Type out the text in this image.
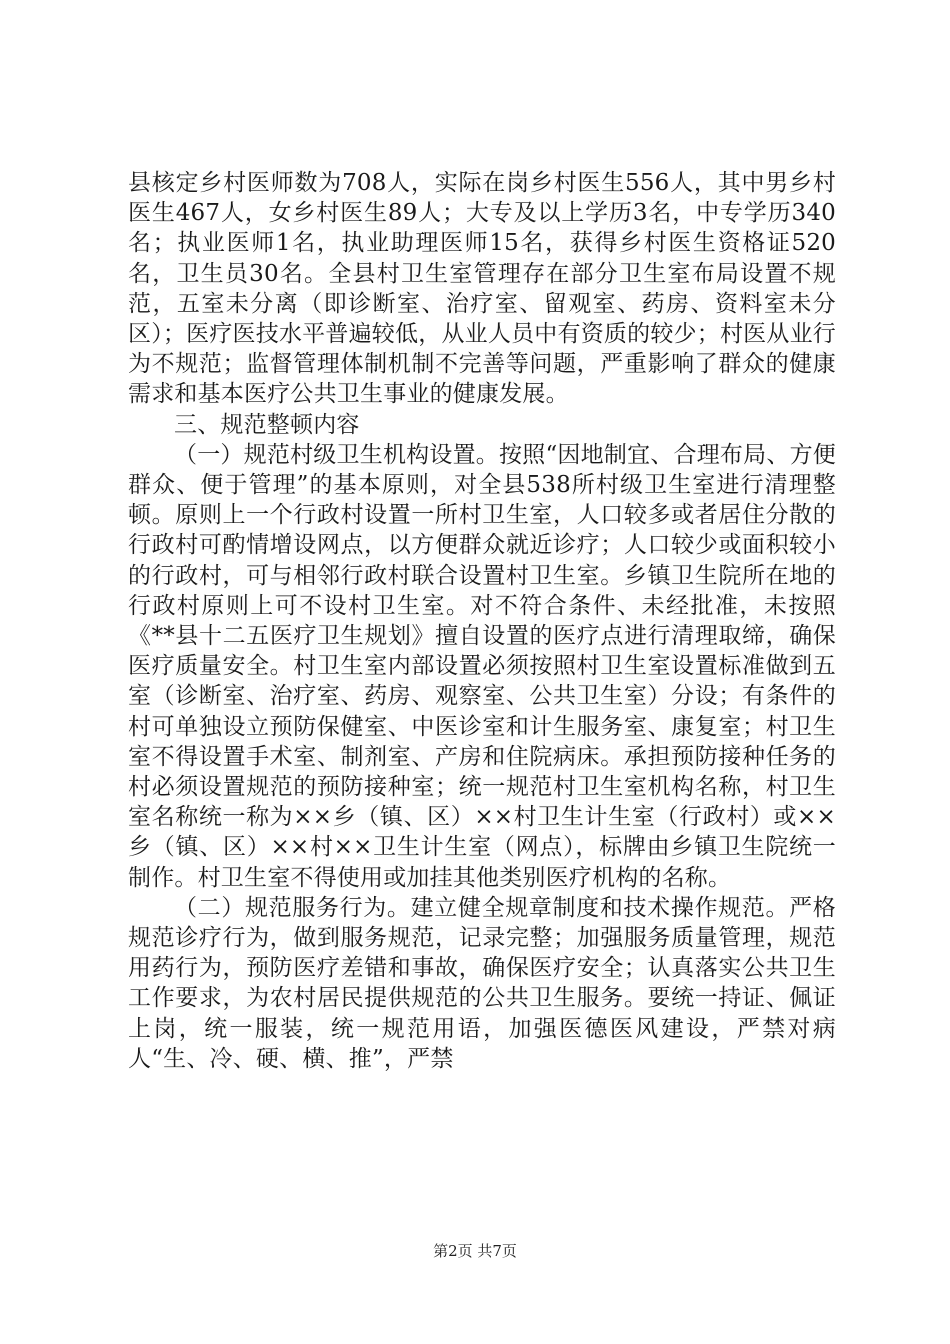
县核定乡村医师数为708人，实际在岗乡村医生556人，其中男乡村医生467人，女乡村医生89人；大专及以上学历3名，中专学历340名；执业医师1名，执业助理医师15名，获得乡村医生资格证520名，卫生员30名。全县村卫生室管理存在部分卫生室布局设置不规范，五室未分离（即诊断室、治疗室、留观室、药房、资料室未分区）；医疗医技水平普遍较低，从业人员中有资质的较少；村医从业行为不规范；监督管理体制机制不完善等问题，严重影响了群众的健康需求和基本医疗公共卫生事业的健康发展。

三、规范整顿内容

（一）规范村级卫生机构设置。按照“因地制宜、合理布局、方便群众、便于管理”的基本原则，对全县538所村级卫生室进行清理整顿。原则上一个行政村设置一所村卫生室，人口较多或者居住分散的行政村可酌情增设网点，以方便群众就近诊疗；人口较少或面积较小的行政村，可与相邻行政村联合设置村卫生室。乡镇卫生院所在地的行政村原则上可不设村卫生室。对不符合条件、未经批准，未按照《**县十二五医疗卫生规划》擅自设置的医疗点进行清理取缔，确保医疗质量安全。村卫生室内部设置必须按照村卫生室设置标准做到五室（诊断室、治疗室、药房、观察室、公共卫生室）分设；有条件的村可单独设立预防保健室、中医诊室和计生服务室、康复室；村卫生室不得设置手术室、制剂室、产房和住院病床。承担预防接种任务的村必须设置规范的预防接种室；统一规范村卫生室机构名称，村卫生室名称统一称为××乡（镇、区）××村卫生计生室（行政村）或××乡（镇、区）××村××卫生计生室（网点），标牌由乡镇卫生院统一制作。村卫生室不得使用或加挂其他类别医疗机构的名称。

（二）规范服务行为。建立健全规章制度和技术操作规范。严格规范诊疗行为，做到服务规范，记录完整；加强服务质量管理，规范用药行为，预防医疗差错和事故，确保医疗安全；认真落实公共卫生工作要求，为农村居民提供规范的公共卫生服务。要统一持证、佩证上岗，统一服装，统一规范用语，加强医德医风建设，严禁对病人“生、冷、硬、横、推”，严禁

第2页 共7页
